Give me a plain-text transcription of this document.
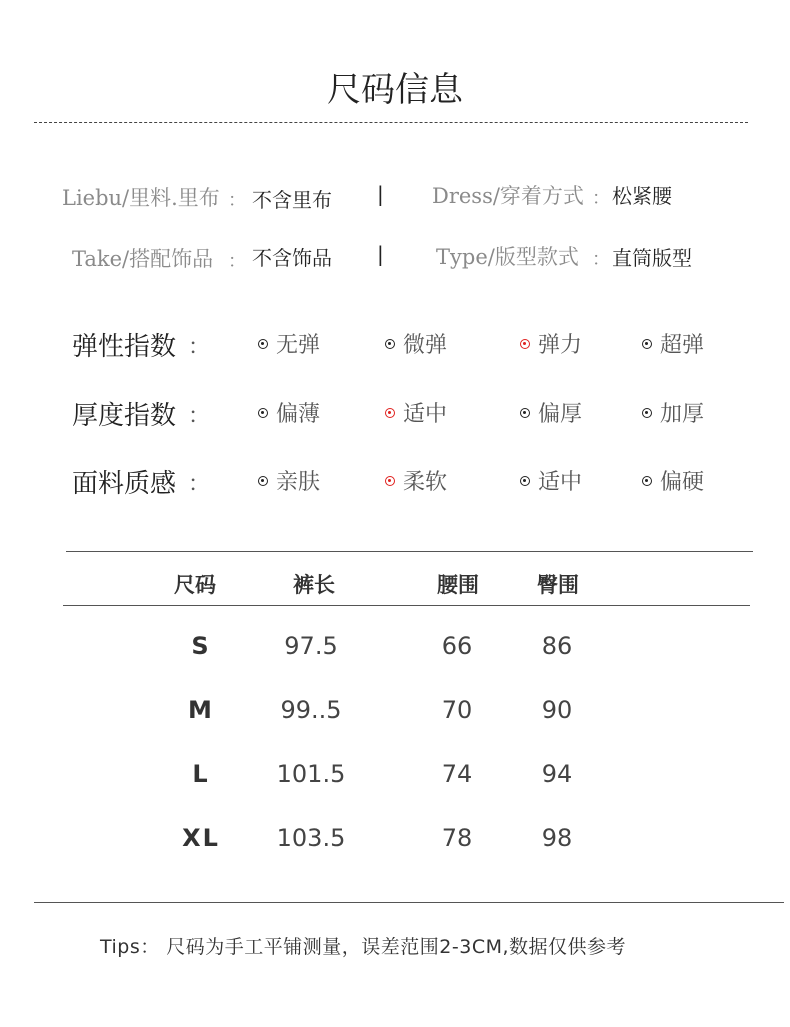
尺码信息
Liebu/里料.里布 ： 不含里布 | Dress/穿着方式 ： 松紧腰
Take/搭配饰品 ： 不含饰品 | Type/版型款式 ： 直筒版型
弹性指数 ：	无弹	微弹	弹力	超弹
厚度指数 ：	偏薄	适中	偏厚	加厚
面料质感 ：	亲肤	柔软	适中	偏硬
尺码	裤长	腰围	臀围
S	97.5	66	86
M	99..5	70	90
L	101.5	74	94
XL	103.5	78	98
Tips： 尺码为手工平铺测量，误差范围2-3CM,数据仅供参考
